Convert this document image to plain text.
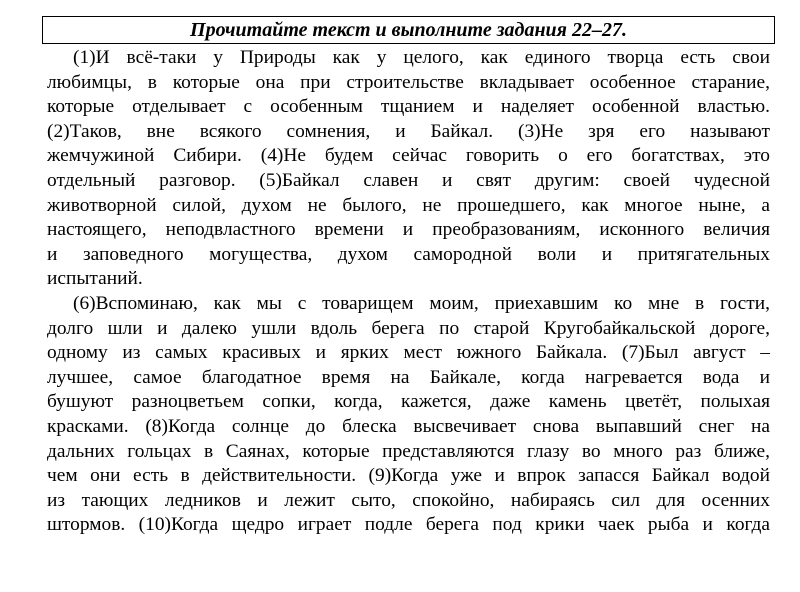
Прочитайте текст и выполните задания 22–27.
(1)И всё-таки у Природы как у целого, как единого творца есть свои
любимцы, в которые она при строительстве вкладывает особенное старание,
которые отделывает с особенным тщанием и наделяет особенной властью.
(2)Таков, вне всякого сомнения, и Байкал. (3)Не зря его называют
жемчужиной Сибири. (4)Не будем сейчас говорить о его богатствах, это
отдельный разговор. (5)Байкал славен и свят другим: своей чудесной
животворной силой, духом не былого, не прошедшего, как многое ныне, а
настоящего, неподвластного времени и преобразованиям, исконного величия
и заповедного могущества, духом самородной воли и притягательных
испытаний.
(6)Вспоминаю, как мы с товарищем моим, приехавшим ко мне в гости,
долго шли и далеко ушли вдоль берега по старой Кругобайкальской дороге,
одному из самых красивых и ярких мест южного Байкала. (7)Был август –
лучшее, самое благодатное время на Байкале, когда нагревается вода и
бушуют разноцветьем сопки, когда, кажется, даже камень цветёт, полыхая
красками. (8)Когда солнце до блеска высвечивает снова выпавший снег на
дальних гольцах в Саянах, которые представляются глазу во много раз ближе,
чем они есть в действительности. (9)Когда уже и впрок запасся Байкал водой
из тающих ледников и лежит сыто, спокойно, набираясь сил для осенних
штормов. (10)Когда щедро играет подле берега под крики чаек рыба и когда
